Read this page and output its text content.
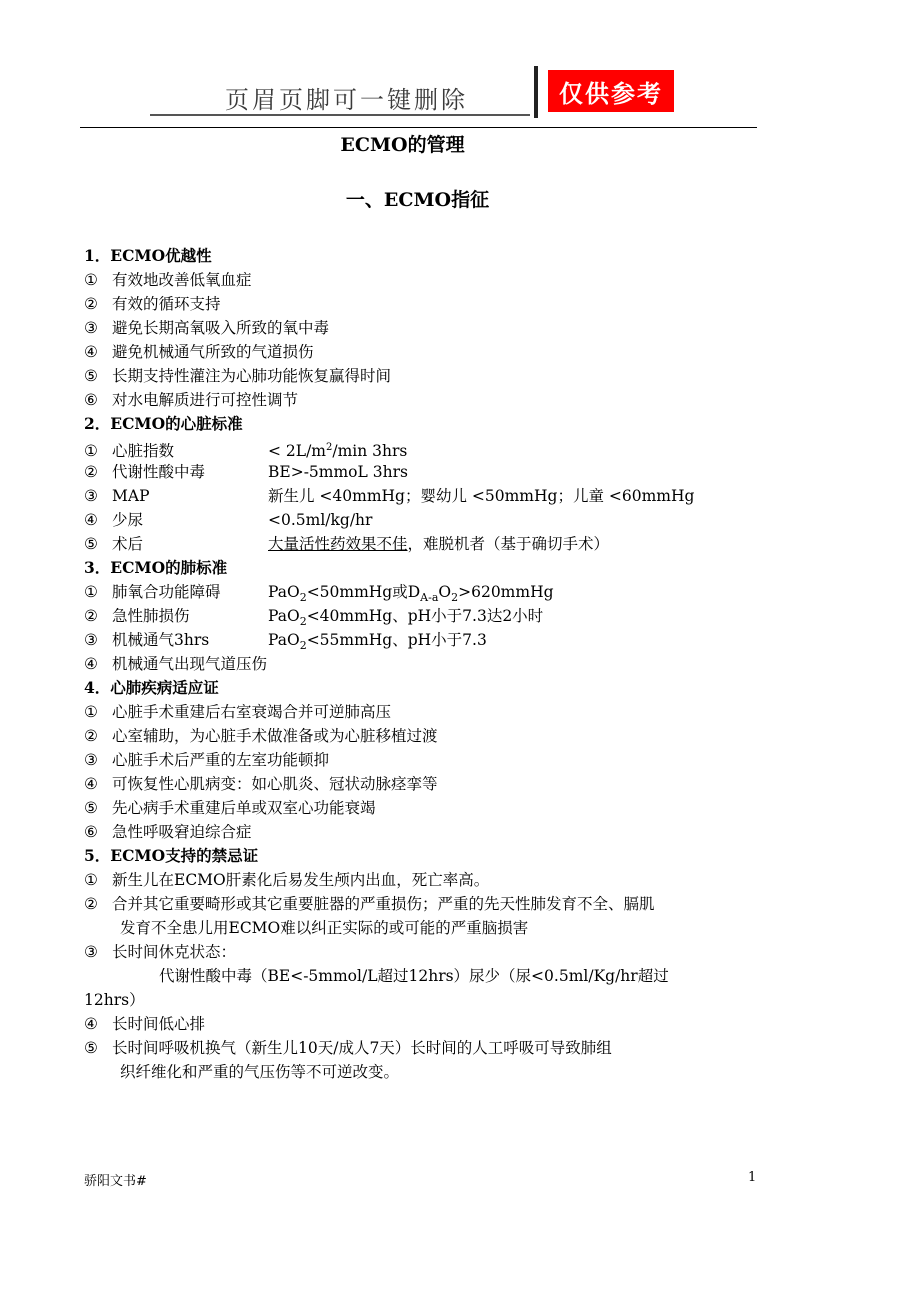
页眉页脚可一键删除	仅供参考
ECMO的管理
一、ECMO指征
1．ECMO优越性
① 有效地改善低氧血症
② 有效的循环支持
③ 避免长期高氧吸入所致的氧中毒
④ 避免机械通气所致的气道损伤
⑤ 长期支持性灌注为心肺功能恢复赢得时间
⑥ 对水电解质进行可控性调节
2．ECMO的心脏标准
① 心脏指数	< $2L/m^2/\min$ 3hrs
② 代谢性酸中毒	BE>-5mmoL 3hrs
③ MAP	新生儿 <40mmHg；婴幼儿 <50mmHg；儿童 <60mmHg
④ 少尿	<0.5ml/kg/hr
⑤ 术后	大量活性药效果不佳，难脱机者（基于确切手术）
3．ECMO的肺标准
① 肺氧合功能障碍	PaO$_2$<50mmHg或$D_{A-a}O_2>620mmHg$
② 急性肺损伤	PaO$_2$<40mmHg、pH小于7.3达2小时
③ 机械通气3hrs	PaO$_2$<55mmHg、pH小于7.3
④ 机械通气出现气道压伤
4．心肺疾病适应证
① 心脏手术重建后右室衰竭合并可逆肺高压
② 心室辅助，为心脏手术做准备或为心脏移植过渡
③ 心脏手术后严重的左室功能顿抑
④ 可恢复性心肌病变：如心肌炎、冠状动脉痉挛等
⑤ 先心病手术重建后单或双室心功能衰竭
⑥ 急性呼吸窘迫综合症
5．ECMO支持的禁忌证
① 新生儿在ECMO肝素化后易发生颅内出血，死亡率高。
② 合并其它重要畸形或其它重要脏器的严重损伤；严重的先天性肺发育不全、膈肌
发育不全患儿用ECMO难以纠正实际的或可能的严重脑损害
③ 长时间休克状态：
代谢性酸中毒（BE<-5mmol/L超过12hrs）尿少（尿<0.5ml/Kg/hr超过
12hrs）
④ 长时间低心排
⑤ 长时间呼吸机换气（新生儿10天/成人7天）长时间的人工呼吸可导致肺组
织纤维化和严重的气压伤等不可逆改变。
骄阳文书#	1
